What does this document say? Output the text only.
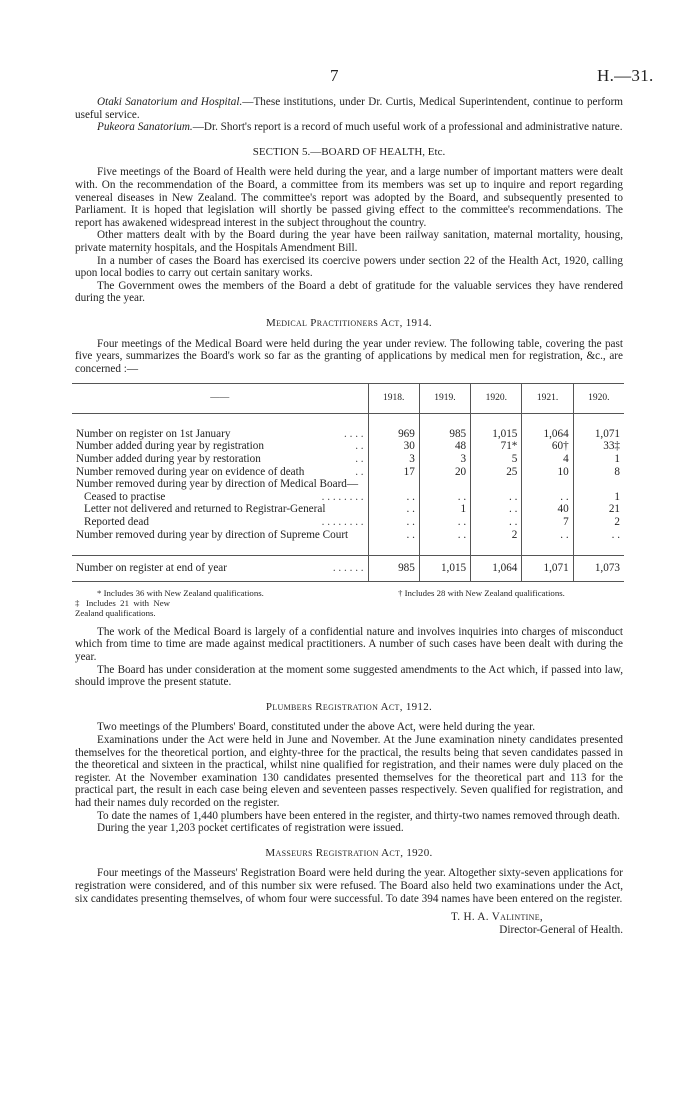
7	H.—31.

Otaki Sanatorium and Hospital.—These institutions, under Dr. Curtis, Medical Superintendent, continue to perform useful service.

Pukeora Sanatorium.—Dr. Short's report is a record of much useful work of a professional and administrative nature.

SECTION 5.—BOARD OF HEALTH, Etc.

Five meetings of the Board of Health were held during the year, and a large number of important matters were dealt with. On the recommendation of the Board, a committee from its members was set up to inquire and report regarding venereal diseases in New Zealand. The committee's report was adopted by the Board, and subsequently presented to Parliament. It is hoped that legislation will shortly be passed giving effect to the committee's recommendations. The report has awakened widespread interest in the subject throughout the country.

Other matters dealt with by the Board during the year have been railway sanitation, maternal mortality, housing, private maternity hospitals, and the Hospitals Amendment Bill.

In a number of cases the Board has exercised its coercive powers under section 22 of the Health Act, 1920, calling upon local bodies to carry out certain sanitary works.

The Government owes the members of the Board a debt of gratitude for the valuable services they have rendered during the year.

Medical Practitioners Act, 1914.

Four meetings of the Medical Board were held during the year under review. The following table, covering the past five years, summarizes the Board's work so far as the granting of applications by medical men for registration, &c., are concerned :—

——	1918.	1919.	1920.	1921.	1920.

Number on register on 1st January . . . .	969	985	1,015	1,064	1,071
Number added during year by registration . .	30	48	71*	60†	33‡
Number added during year by restoration . .	3	3	5	4	1
Number removed during year on evidence of death . .	17	20	25	10	8
Number removed during year by direction of Medical Board—					
Ceased to practise . . . . . . . .	. .	. .	. .	. .	1
Letter not delivered and returned to Registrar-General	. .	1	. .	40	21
Reported dead . . . . . . . .	. .	. .	. .	7	2
Number removed during year by direction of Supreme Court	. .	. .	2	. .	. .

Number on register at end of year . . . . . .	985	1,015	1,064	1,071	1,073
* Includes 36 with New Zealand qualifications.	† Includes 28 with New Zealand qualifications. ‡ Includes 21 with New Zealand qualifications.

The work of the Medical Board is largely of a confidential nature and involves inquiries into charges of misconduct which from time to time are made against medical practitioners. A number of such cases have been dealt with during the year.

The Board has under consideration at the moment some suggested amendments to the Act which, if passed into law, should improve the present statute.

Plumbers Registration Act, 1912.

Two meetings of the Plumbers' Board, constituted under the above Act, were held during the year.

Examinations under the Act were held in June and November. At the June examination ninety candidates presented themselves for the theoretical portion, and eighty-three for the practical, the results being that seven candidates passed in the theoretical and sixteen in the practical, whilst nine qualified for registration, and their names were duly placed on the register. At the November examination 130 candidates presented themselves for the theoretical part and 113 for the practical part, the result in each case being eleven and seventeen passes respectively. Seven qualified for registration, and had their names duly recorded on the register.

To date the names of 1,440 plumbers have been entered in the register, and thirty-two names removed through death.

During the year 1,203 pocket certificates of registration were issued.

Masseurs Registration Act, 1920.

Four meetings of the Masseurs' Registration Board were held during the year. Altogether sixty-seven applications for registration were considered, and of this number six were refused. The Board also held two examinations under the Act, six candidates presenting themselves, of whom four were successful. To date 394 names have been entered on the register.

T. H. A. Valintine,
Director-General of Health.
